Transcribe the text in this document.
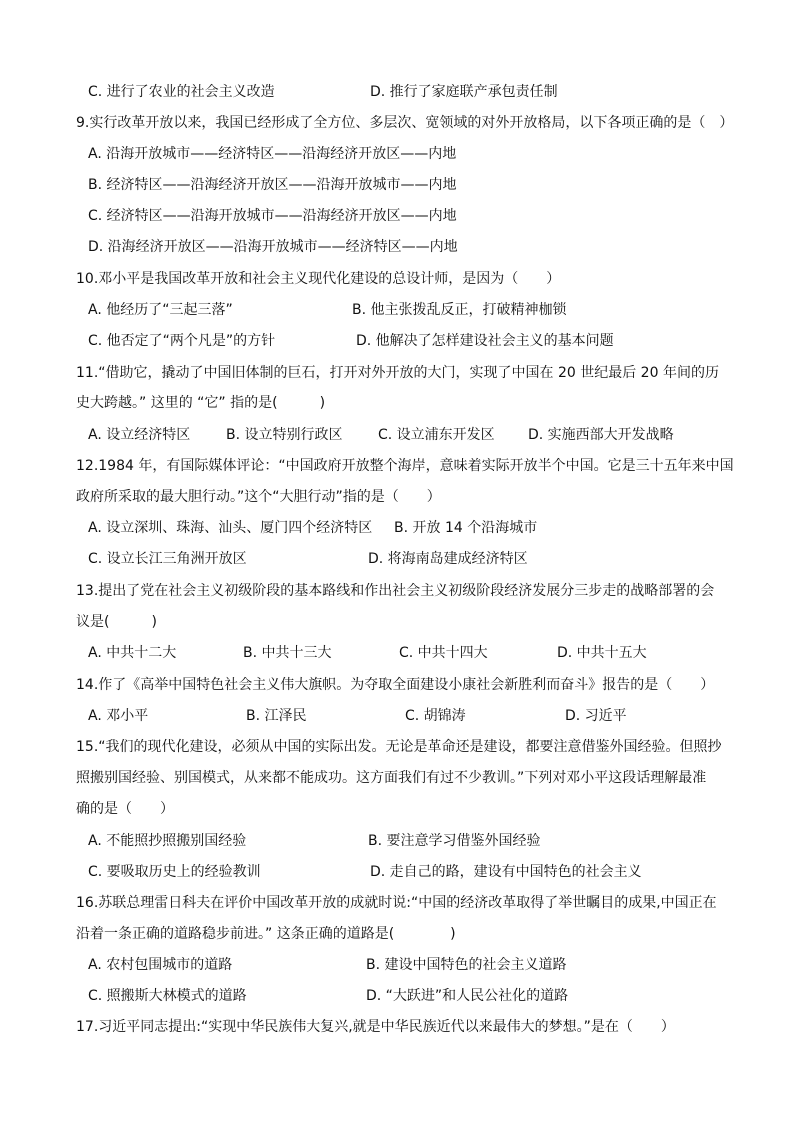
C. 进行了农业的社会主义改造	D. 推行了家庭联产承包责任制
9.实行改革开放以来，我国已经形成了全方位、多层次、宽领域的对外开放格局，以下各项正确的是（　）
A. 沿海开放城市——经济特区——沿海经济开放区——内地
B. 经济特区——沿海经济开放区——沿海开放城市——内地
C. 经济特区——沿海开放城市——沿海经济开放区——内地
D. 沿海经济开放区——沿海开放城市——经济特区——内地
10.邓小平是我国改革开放和社会主义现代化建设的总设计师，是因为（　　）
A. 他经历了“三起三落”	B. 他主张拨乱反正，打破精神枷锁
C. 他否定了“两个凡是”的方针	D. 他解决了怎样建设社会主义的基本问题
11.“借助它，撬动了中国旧体制的巨石，打开对外开放的大门，实现了中国在 20 世纪最后 20 年间的历
史大跨越。” 这里的 “它” 指的是(　　　)
A. 设立经济特区	B. 设立特别行政区	C. 设立浦东开发区 D. 实施西部大开发战略
12.1984 年，有国际媒体评论：“中国政府开放整个海岸，意味着实际开放半个中国。它是三十五年来中国
政府所采取的最大胆行动。”这个“大胆行动”指的是（　　）
A. 设立深圳、珠海、汕头、厦门四个经济特区 B. 开放 14 个沿海城市
C. 设立长江三角洲开放区	D. 将海南岛建成经济特区
13.提出了党在社会主义初级阶段的基本路线和作出社会主义初级阶段经济发展分三步走的战略部署的会
议是(　　　)
A. 中共十二大	B. 中共十三大	C. 中共十四大	D. 中共十五大
14.作了《高举中国特色社会主义伟大旗帜。为夺取全面建设小康社会新胜利而奋斗》报告的是（　　）
A. 邓小平	B. 江泽民	C. 胡锦涛	D. 习近平
15.“我们的现代化建设，必须从中国的实际出发。无论是革命还是建设，都要注意借鉴外国经验。但照抄
照搬别国经验、别国模式，从来都不能成功。这方面我们有过不少教训。”下列对邓小平这段话理解最准
确的是（　　）
A. 不能照抄照搬别国经验	B. 要注意学习借鉴外国经验
C. 要吸取历史上的经验教训	D. 走自己的路，建设有中国特色的社会主义
16.苏联总理雷日科夫在评价中国改革开放的成就时说:“中国的经济改革取得了举世瞩目的成果,中国正在
沿着一条正确的道路稳步前进。” 这条正确的道路是(　　　　)
A. 农村包围城市的道路	B. 建设中国特色的社会主义道路
C. 照搬斯大林模式的道路	D. “大跃进”和人民公社化的道路
17.习近平同志提出:“实现中华民族伟大复兴,就是中华民族近代以来最伟大的梦想。”是在（　　）
